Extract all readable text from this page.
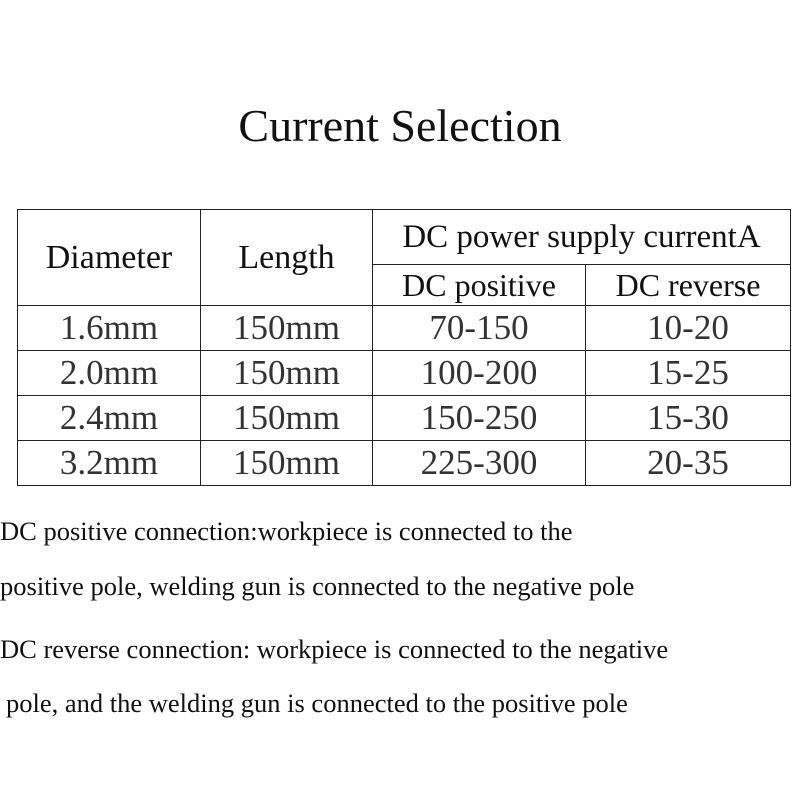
Current Selection
Diameter	Length	DC power supply currentA	
		DC positive	DC reverse
1.6mm	150mm	70-150	10-20
2.0mm	150mm	100-200	15-25
2.4mm	150mm	150-250	15-30
3.2mm	150mm	225-300	20-35
DC positive connection:workpiece is connected to the
positive pole, welding gun is connected to the negative pole
DC reverse connection: workpiece is connected to the negative
pole, and the welding gun is connected to the positive pole
